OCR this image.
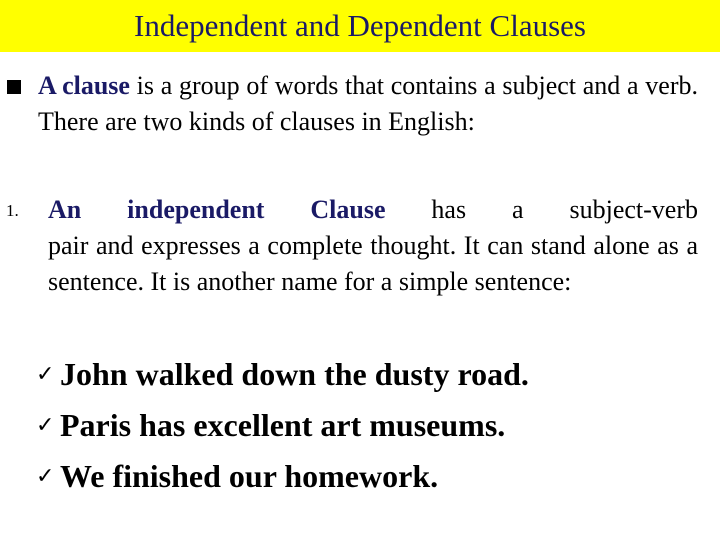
Independent and Dependent Clauses
A clause is a group of words that contains a subject and a verb. There are two kinds of clauses in English:
1. An independent Clause has a subject-verb
pair and expresses a complete thought. It can stand alone as a sentence. It is another name for a simple sentence:
✓ John walked down the dusty road.
✓ Paris has excellent art museums.
✓ We finished our homework.
